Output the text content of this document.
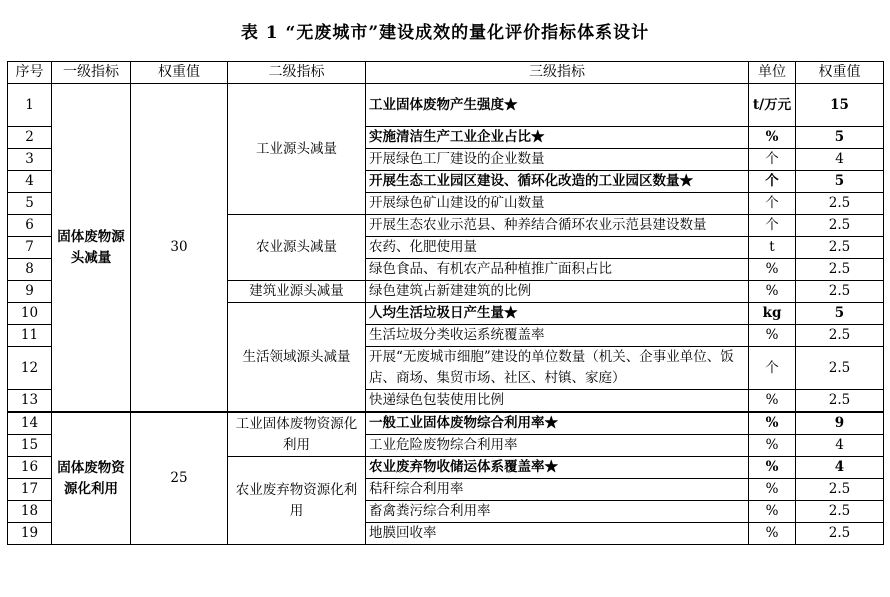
表 1 “无废城市”建设成效的量化评价指标体系设计
序号	一级指标	权重值	二级指标	三级指标	单位	权重值
1	固体废物源头减量	30	工业源头减量	工业固体废物产生强度★	t/万元	15
2				实施清洁生产工业企业占比★	%	5
3				开展绿色工厂建设的企业数量	个	4
4				开展生态工业园区建设、循环化改造的工业园区数量★	个	5
5				开展绿色矿山建设的矿山数量	个	2.5
6			农业源头减量	开展生态农业示范县、种养结合循环农业示范县建设数量	个	2.5
7				农药、化肥使用量	t	2.5
8				绿色食品、有机农产品种植推广面积占比	%	2.5
9			建筑业源头减量	绿色建筑占新建建筑的比例	%	2.5
10			生活领域源头减量	人均生活垃圾日产生量★	kg	5
11				生活垃圾分类收运系统覆盖率	%	2.5
12				开展“无废城市细胞”建设的单位数量（机关、企事业单位、饭店、商场、集贸市场、社区、村镇、家庭）	个	2.5
13				快递绿色包装使用比例	%	2.5
14	固体废物资源化利用	25	工业固体废物资源化利用	一般工业固体废物综合利用率★	%	9
15				工业危险废物综合利用率	%	4
16			农业废弃物资源化利用	农业废弃物收储运体系覆盖率★	%	4
17				秸秆综合利用率	%	2.5
18				畜禽粪污综合利用率	%	2.5
19				地膜回收率	%	2.5
